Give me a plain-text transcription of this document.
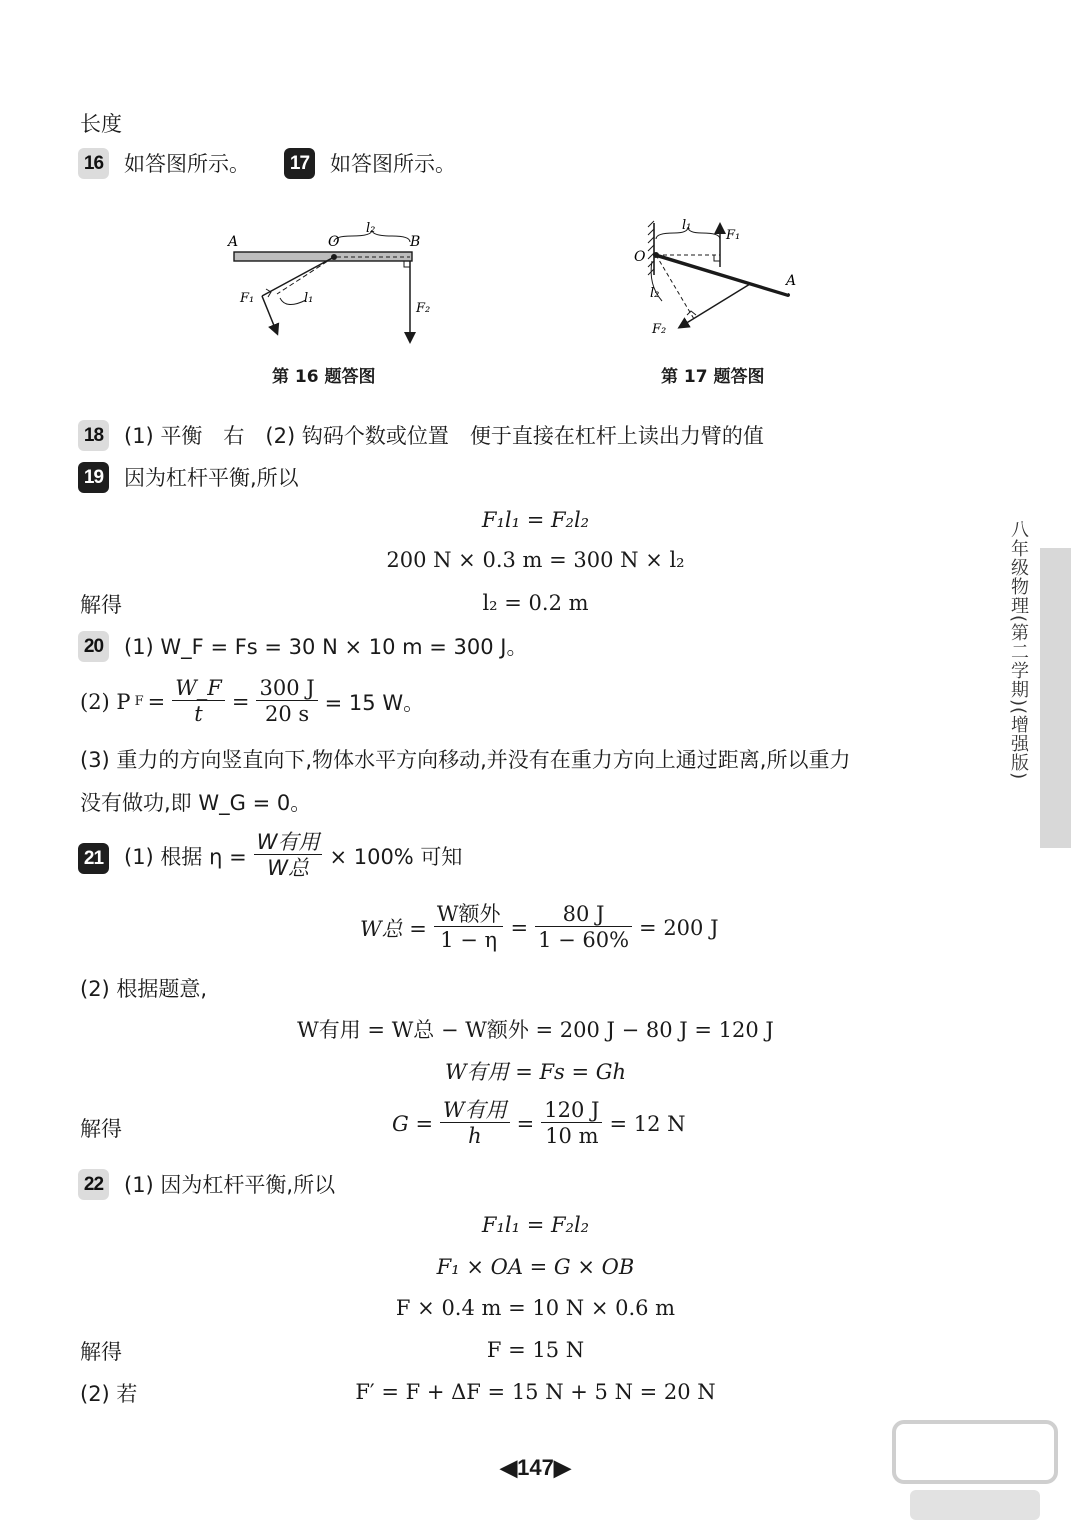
长度
16 如答图所示。	17 如答图所示。
A	O	B
l₂
F₁	l₁
F₂
第 16 题答图
l₁
F₁
O
A
l₂
F₂
第 17 题答图
18 (1) 平衡　右　(2) 钩码个数或位置　便于直接在杠杆上读出力臂的值
19 因为杠杆平衡,所以
F₁l₁ = F₂l₂
200 N × 0.3 m = 300 N × l₂
解得	l₂ = 0.2 m
20 (1) W_F = Fs = 30 N × 10 m = 300 J。
(2) P $F = \frac{W\_F}{t} = \frac{300 J}{20 s} = 15$ W。
(3) 重力的方向竖直向下,物体水平方向移动,并没有在重力方向上通过距离,所以重力
没有做功,即 W_G = 0。
21 (1) 根据 $\eta = \frac{\text{W有用}}{\text{W总}} \times 100\%$ 可知
W总 = $\frac{\text{W额外}}{1 - \eta} = \frac{80 J}{1 - 60\%} = 200$ J
(2) 根据题意,
W有用 = W总 − W额外 = 200 J − 80 J = 120 J
W有用 = Fs = Gh
解得	$G = \frac{\text{W有用}}{h} = \frac{120 J}{10 m} = 12$ N
22 (1) 因为杠杆平衡,所以
F₁l₁ = F₂l₂
F₁ × OA = G × OB
F × 0.4 m = 10 N × 0.6 m
解得	F = 15 N
(2) 若	F′ = F + ΔF = 15 N + 5 N = 20 N
八年级物理(第二学期)(增强版)
◀147▶
